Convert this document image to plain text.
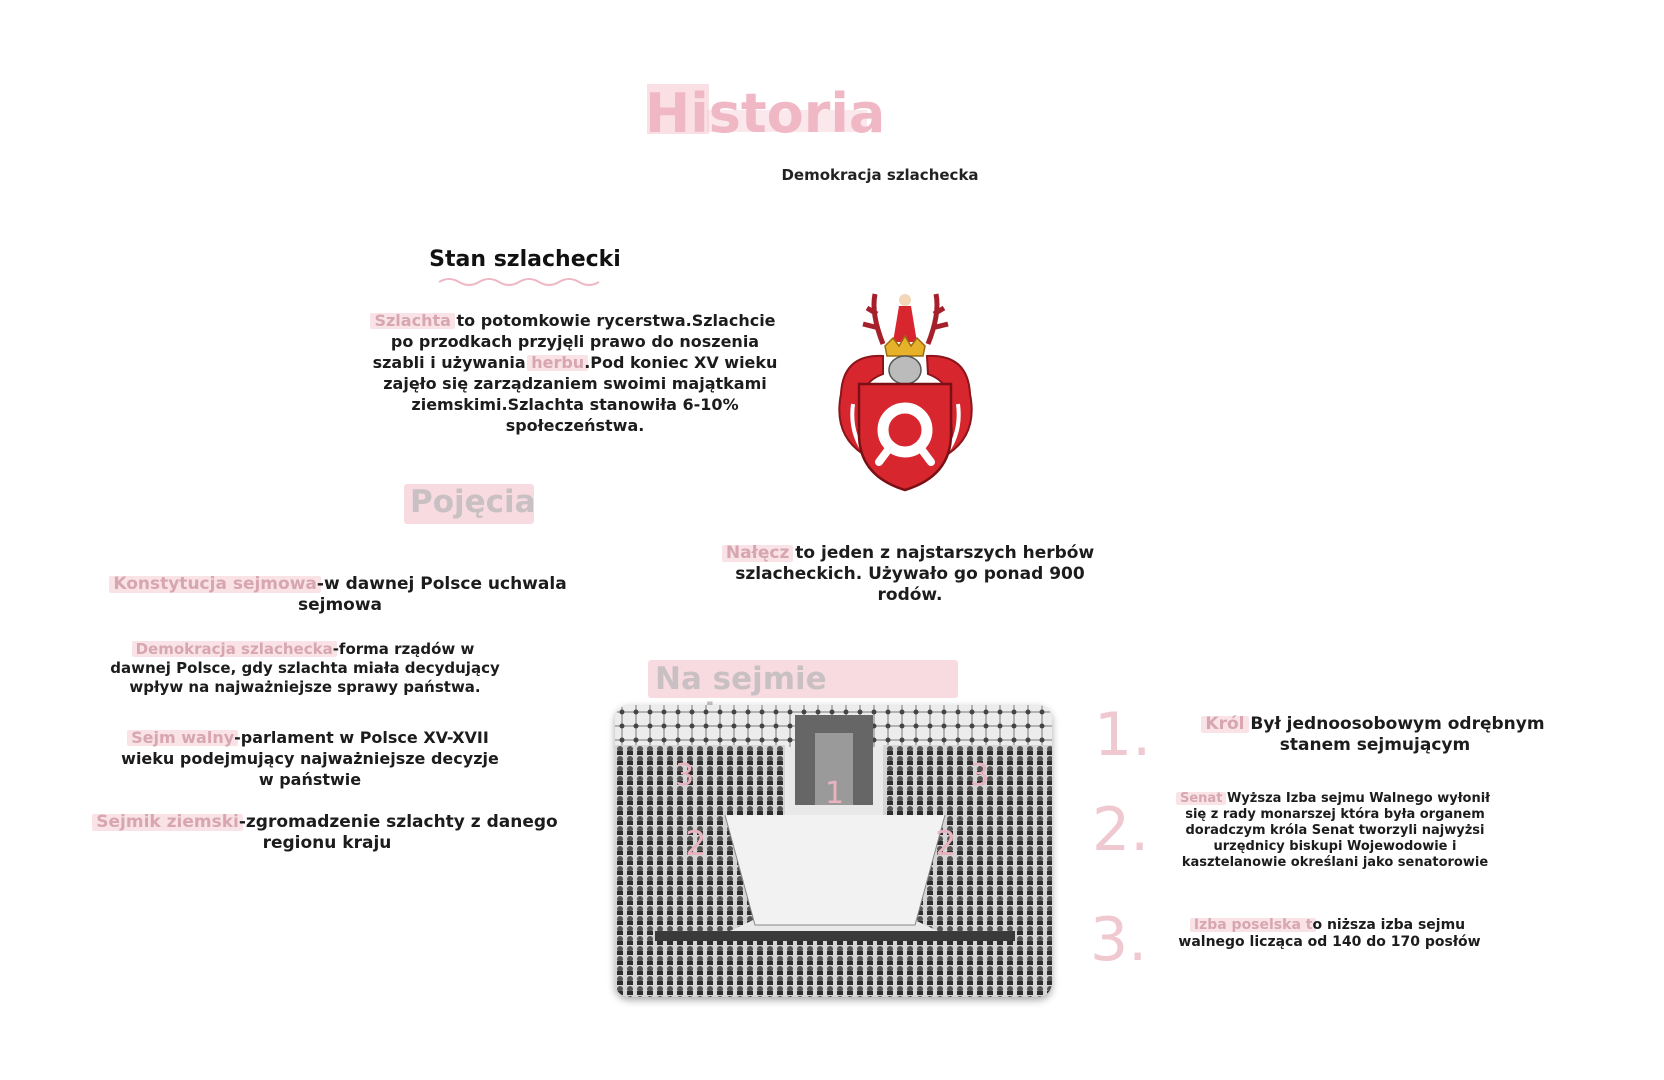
Historia
Demokracja szlachecka
Stan szlachecki
Szlachta to potomkowie rycerstwa.Szlachcie po przodkach przyjęli prawo do noszenia szabli i używania herbu.Pod koniec XV wieku zajęło się zarządzaniem swoimi majątkami ziemskimi.Szlachta stanowiła 6-10% społeczeństwa.
Nałęcz to jeden z najstarszych herbów szlacheckich. Używało go ponad 900 rodów.
Pojęcia
Konstytucja sejmowa-w dawnej Polsce uchwala sejmowa
Demokracja szlachecka-forma rządów w dawnej Polsce, gdy szlachta miała decydujący wpływ na najważniejsze sprawy państwa.
Sejm walny-parlament w Polsce XV-XVII wieku podejmujący najważniejsze decyzje w państwie
Sejmik ziemski-zgromadzenie szlachty z danego regionu kraju
Na sejmie
3
1
3
2	2
1.
2.
3.
Król Był jednoosobowym odrębnym stanem sejmującym
Senat Wyższa Izba sejmu Walnego wyłonił się z rady monarszej która była organem doradczym króla Senat tworzyli najwyżsi urzędnicy biskupi Wojewodowie i kasztelanowie określani jako senatorowie
Izba poselska to niższa izba sejmu walnego licząca od 140 do 170 posłów
